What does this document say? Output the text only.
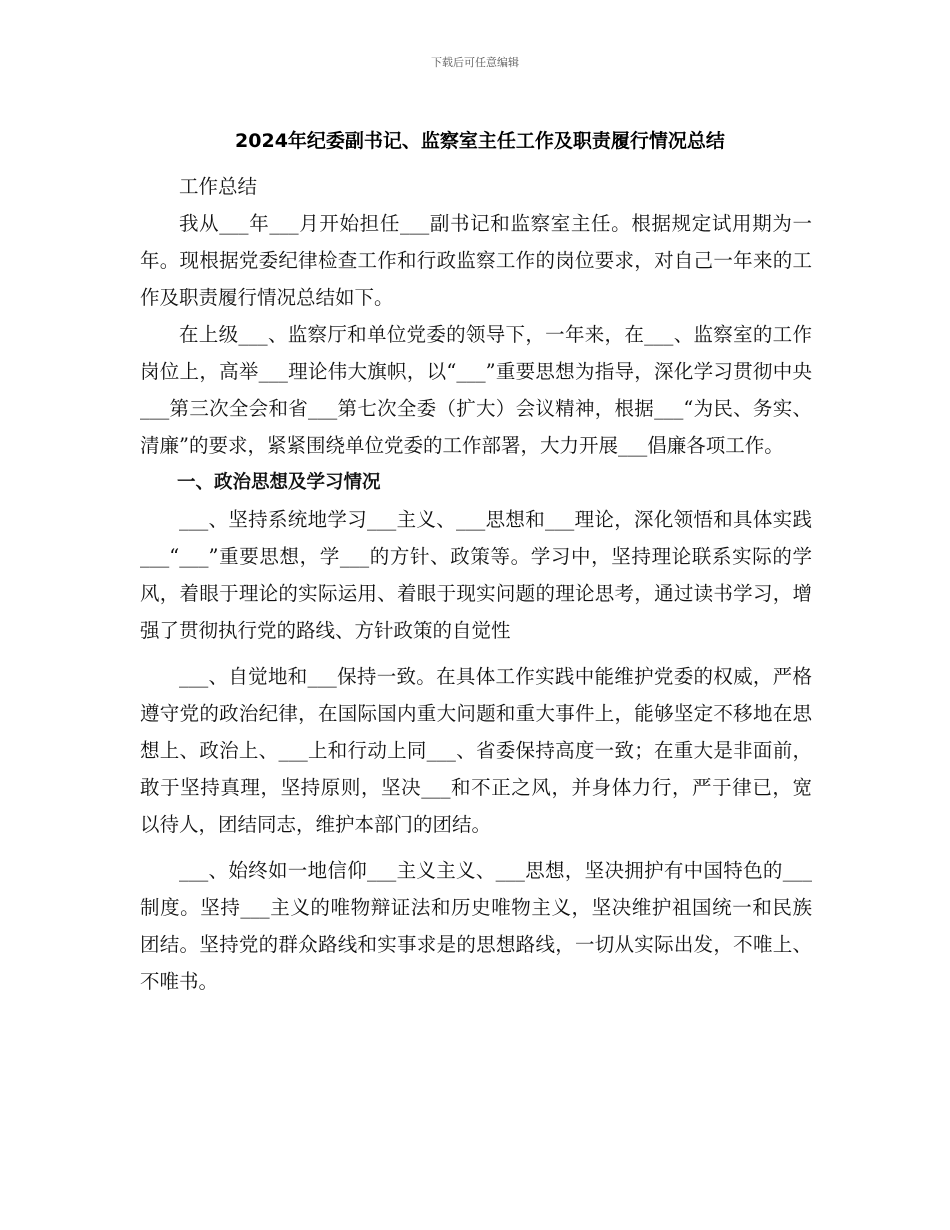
下载后可任意编辑
2024年纪委副书记、监察室主任工作及职责履行情况总结

工作总结

我从___年___月开始担任___副书记和监察室主任。根据规定试用期为一年。现根据党委纪律检查工作和行政监察工作的岗位要求，对自己一年来的工作及职责履行情况总结如下。

在上级___、监察厅和单位党委的领导下，一年来，在___、监察室的工作岗位上，高举___理论伟大旗帜，以“___”重要思想为指导，深化学习贯彻中央___第三次全会和省___第七次全委（扩大）会议精神，根据___“为民、务实、清廉”的要求，紧紧围绕单位党委的工作部署，大力开展___倡廉各项工作。

一、政治思想及学习情况

___、坚持系统地学习___主义、___思想和___理论，深化领悟和具体实践___“___”重要思想，学___的方针、政策等。学习中，坚持理论联系实际的学风，着眼于理论的实际运用、着眼于现实问题的理论思考，通过读书学习，增强了贯彻执行党的路线、方针政策的自觉性

___、自觉地和___保持一致。在具体工作实践中能维护党委的权威，严格遵守党的政治纪律，在国际国内重大问题和重大事件上，能够坚定不移地在思想上、政治上、___上和行动上同___、省委保持高度一致；在重大是非面前，敢于坚持真理，坚持原则，坚决___和不正之风，并身体力行，严于律已，宽以待人，团结同志，维护本部门的团结。

___、始终如一地信仰___主义主义、___思想，坚决拥护有中国特色的___制度。坚持___主义的唯物辩证法和历史唯物主义，坚决维护祖国统一和民族团结。坚持党的群众路线和实事求是的思想路线，一切从实际出发，不唯上、不唯书。
